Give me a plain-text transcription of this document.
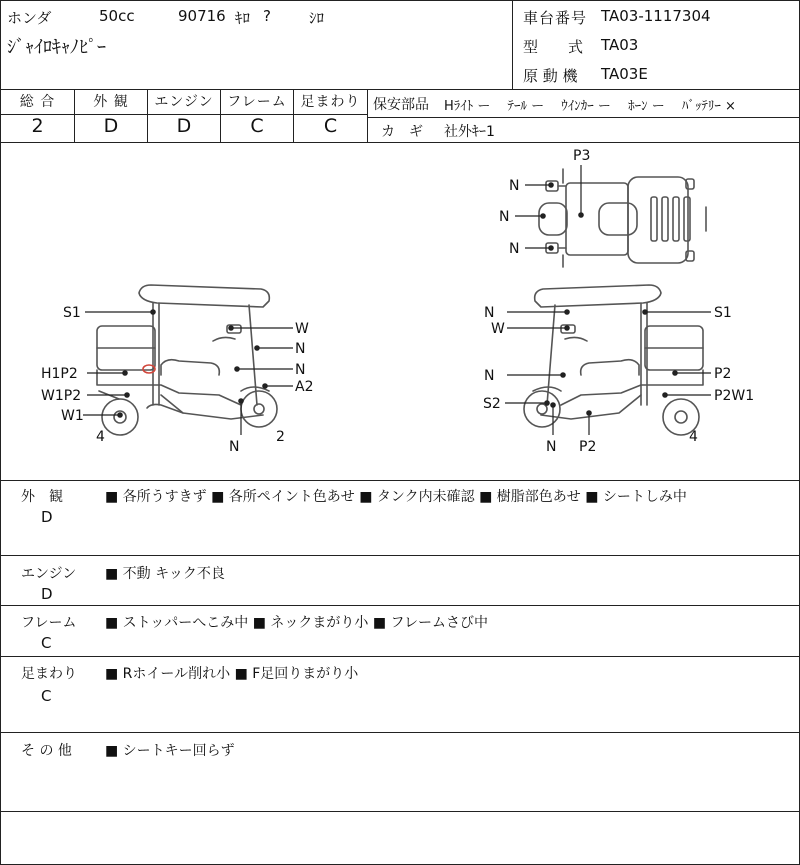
ホンダ	50cc	90716 ｷﾛ ?	ｼﾛ
ｼﾞｬｲﾛｷｬﾉﾋﾟｰ
車台番号 TA03-1117304
型　　式 TA03
原 動 機 TA03E
総 合	外 観	エンジン フレーム 足まわり
2	D	D	C	C
保安部品 Hﾗｲﾄ ー　 ﾃｰﾙ ー　 ｳｲﾝｶｰ ー　 ﾎｰﾝ ー　 ﾊﾞｯﾃﾘｰ ×
カ　ギ 社外ｷｰ1
P3
N
N
N
S1
W
N
N
H1P2
W1P2
A2
W1
4
N
2
N
W
S1
N	P2
S2	P2W1
4
N P2
外　観
D
■ 各所うすきず ■ 各所ペイント色あせ ■ タンク内未確認 ■ 樹脂部色あせ ■ シートしみ中
エンジン
D
■ 不動 キック不良
フレーム
C
■ ストッパーへこみ中 ■ ネックまがり小 ■ フレームさび中
足まわり
C
■ Rホイール削れ小 ■ F足回りまがり小
そ の 他 ■ シートキー回らず
